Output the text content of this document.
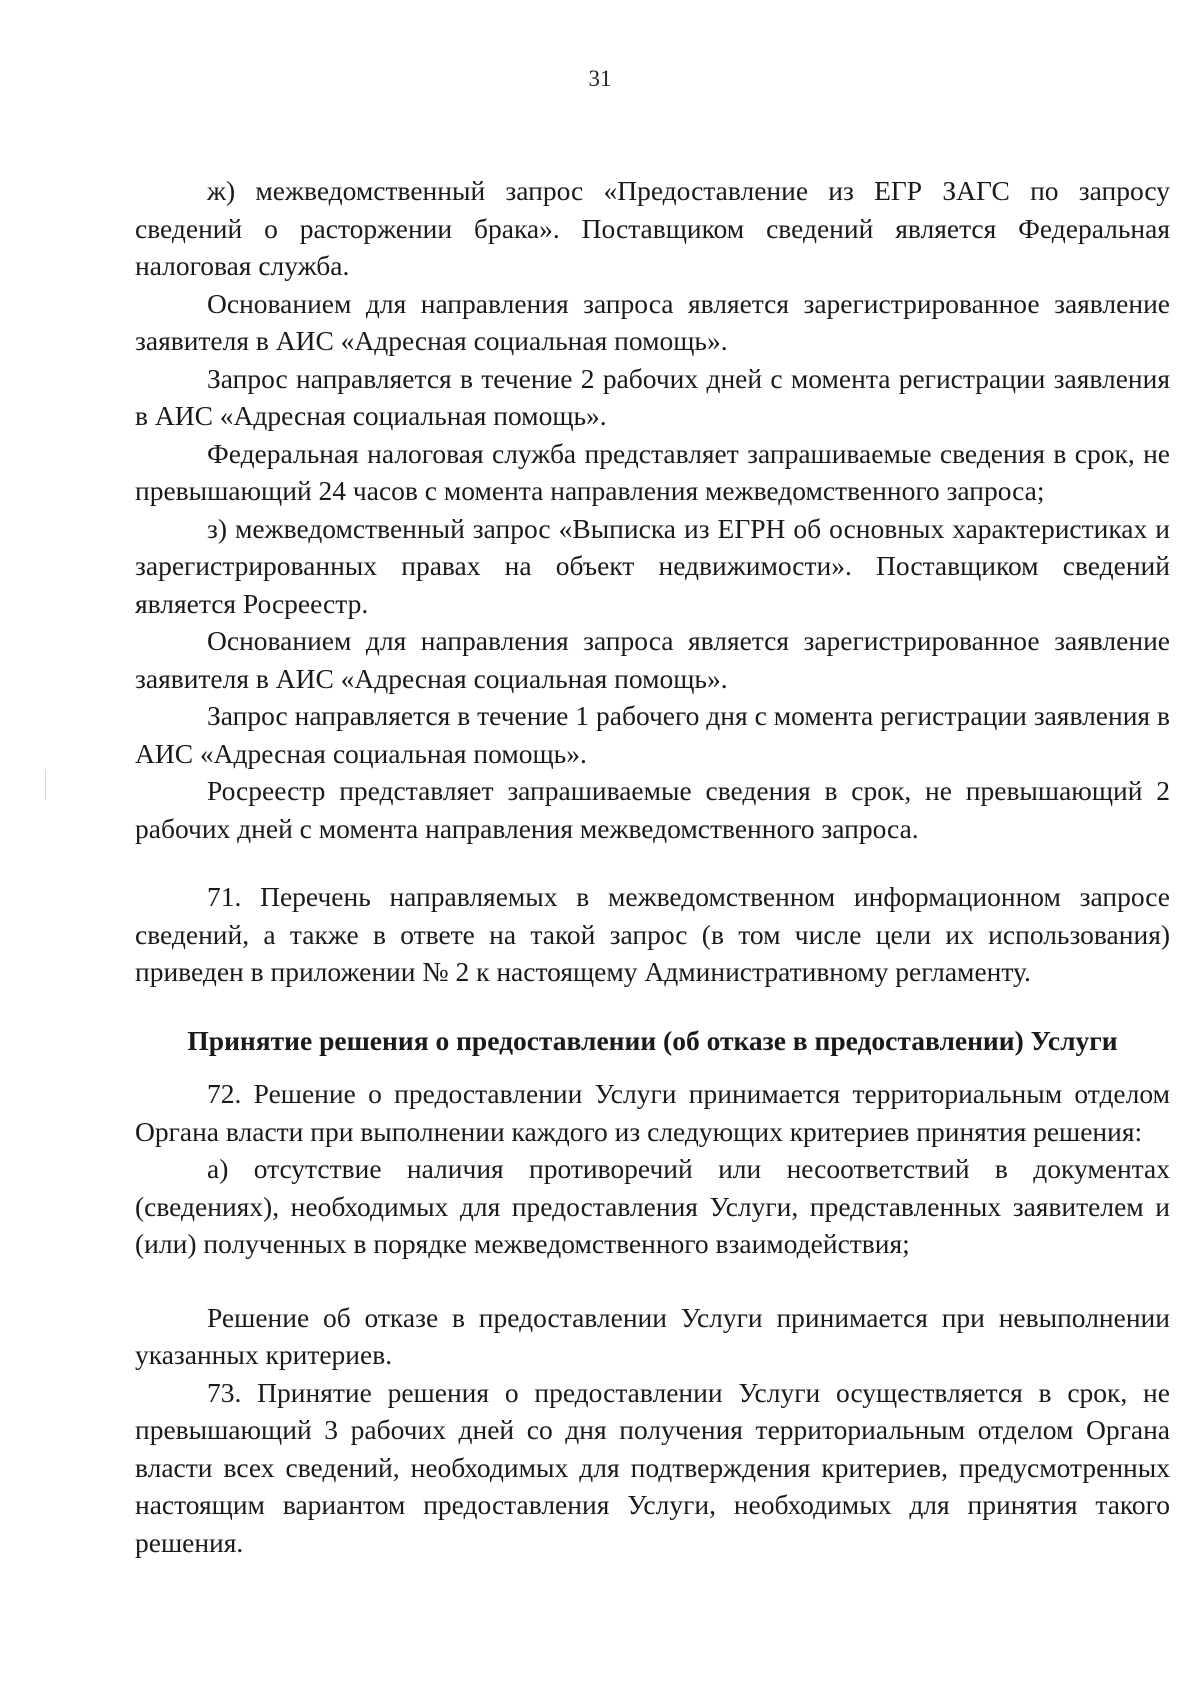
31

ж) межведомственный запрос «Предоставление из ЕГР ЗАГС по запросу сведений о расторжении брака». Поставщиком сведений является Федеральная налоговая служба.

Основанием для направления запроса является зарегистрированное заявление заявителя в АИС «Адресная социальная помощь».

Запрос направляется в течение 2 рабочих дней с момента регистрации заявления в АИС «Адресная социальная помощь».

Федеральная налоговая служба представляет запрашиваемые сведения в срок, не превышающий 24 часов с момента направления межведомственного запроса;

з) межведомственный запрос «Выписка из ЕГРН об основных характеристиках и зарегистрированных правах на объект недвижимости». Поставщиком сведений является Росреестр.

Основанием для направления запроса является зарегистрированное заявление заявителя в АИС «Адресная социальная помощь».

Запрос направляется в течение 1 рабочего дня с момента регистрации заявления в АИС «Адресная социальная помощь».

Росреестр представляет запрашиваемые сведения в срок, не превышающий 2 рабочих дней с момента направления межведомственного запроса.

71. Перечень направляемых в межведомственном информационном запросе сведений, а также в ответе на такой запрос (в том числе цели их использования) приведен в приложении № 2 к настоящему Административному регламенту.

Принятие решения о предоставлении (об отказе в предоставлении) Услуги

72. Решение о предоставлении Услуги принимается территориальным отделом Органа власти при выполнении каждого из следующих критериев принятия решения:

а) отсутствие наличия противоречий или несоответствий в документах (сведениях), необходимых для предоставления Услуги, представленных заявителем и (или) полученных в порядке межведомственного взаимодействия;

Решение об отказе в предоставлении Услуги принимается при невыполнении указанных критериев.

73. Принятие решения о предоставлении Услуги осуществляется в срок, не превышающий 3 рабочих дней со дня получения территориальным отделом Органа власти всех сведений, необходимых для подтверждения критериев, предусмотренных настоящим вариантом предоставления Услуги, необходимых для принятия такого решения.
